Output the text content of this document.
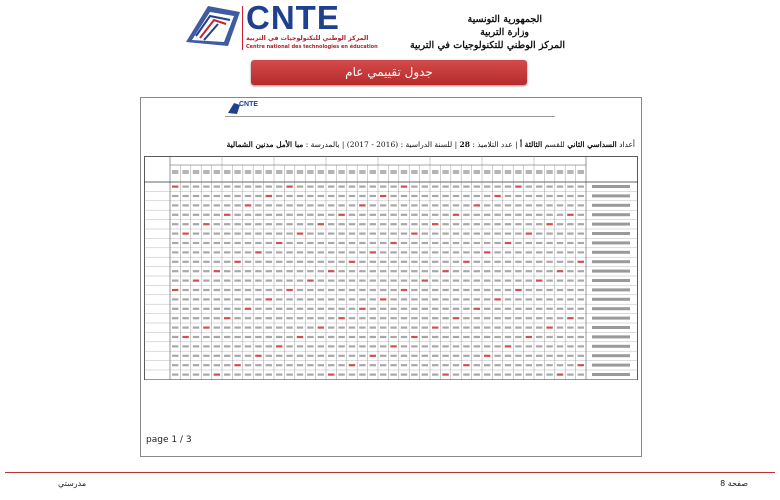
CNTE
المركز الوطني للتكنولوجيات في التربية
Centre national des technologies en éducation
الجمهورية التونسية
وزارة التربية
المركز الوطني للتكنولوجيات في التربية
جدول تقييمي عام
CNTE
أعداد السداسي الثاني للقسم الثالثة أ | عدد التلاميذ : 28 | للسنة الدراسية : (2016 - 2017) | بالمدرسة : مبا الأمل مدنين الشمالية
page 1 / 3
مدرستي	صفحة 8
